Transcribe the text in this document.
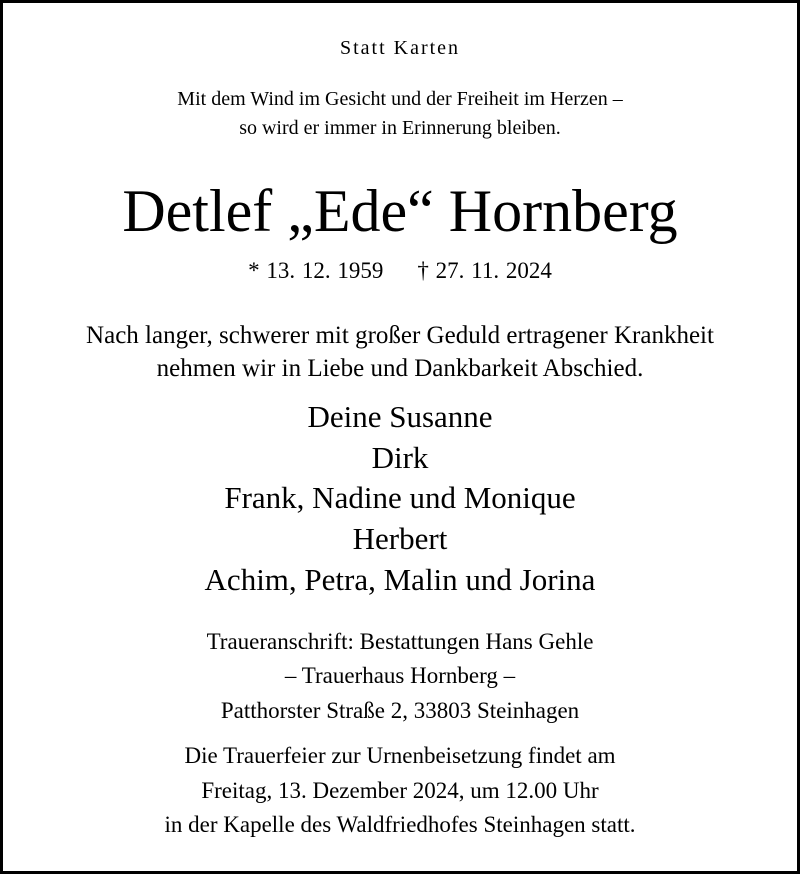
Statt Karten
Mit dem Wind im Gesicht und der Freiheit im Herzen –
so wird er immer in Erinnerung bleiben.
Detlef „Ede“ Hornberg
* 13. 12. 1959 † 27. 11. 2024
Nach langer, schwerer mit großer Geduld ertragener Krankheit
nehmen wir in Liebe und Dankbarkeit Abschied.
Deine Susanne
Dirk
Frank, Nadine und Monique
Herbert
Achim, Petra, Malin und Jorina
Traueranschrift: Bestattungen Hans Gehle
– Trauerhaus Hornberg –
Patthorster Straße 2, 33803 Steinhagen
Die Trauerfeier zur Urnenbeisetzung findet am
Freitag, 13. Dezember 2024, um 12.00 Uhr
in der Kapelle des Waldfriedhofes Steinhagen statt.
